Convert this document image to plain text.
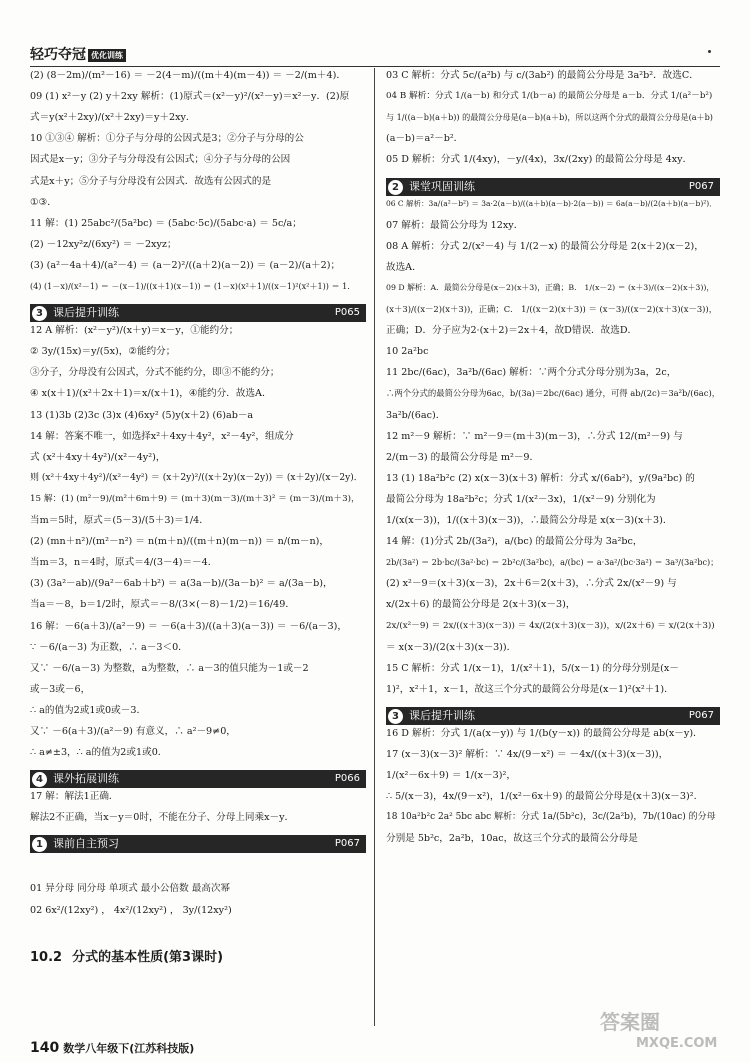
轻巧夺冠 优化训练
(2) (8－2m)/(m²－16) ＝ －2(4－m)/((m＋4)(m－4)) ＝ －2/(m＋4)．
09 (1) x²－y (2) y＋2xy 解析：(1)原式＝(x²－y)²/(x²－y)＝x²－y．(2)原
式＝y(x²＋2xy)/(x²＋2xy)＝y＋2xy．
10 ①③④ 解析：①分子与分母的公因式是3；②分子与分母的公
因式是x－y；③分子与分母没有公因式；④分子与分母的公因
式是x＋y；⑤分子与分母没有公因式．故选有公因式的是
①③．
11 解：(1) 25abc²/(5a²bc) ＝ (5abc·5c)/(5abc·a) ＝ 5c/a；
(2) －12xy²z/(6xy²) ＝ －2xyz；
(3) (a²－4a＋4)/(a²－4) ＝ (a－2)²/((a＋2)(a－2)) ＝ (a－2)/(a＋2)；
(4) (1－x)/(x²－1) ＝ －(x－1)/((x＋1)(x－1)) ＝ (1－x)(x²＋1)/((x－1)²(x²＋1)) ＝ 1．
3 课后提升训练	P065
12 A 解析：(x²－y²)/(x＋y)＝x－y，①能约分；
② 3y/(15x)＝y/(5x)，②能约分；
③分子，分母没有公因式，分式不能约分，即③不能约分；
④ x(x＋1)/(x²＋2x＋1)＝x/(x＋1)，④能约分．故选A．
13 (1)3b (2)3c (3)x (4)6xy² (5)y(x＋2) (6)ab－a
14 解：答案不唯一，如选择x²＋4xy＋4y²，x²－4y²，组成分
式 (x²＋4xy＋4y²)/(x²－4y²)，
则 (x²＋4xy＋4y²)/(x²－4y²) ＝ (x＋2y)²/((x＋2y)(x－2y)) ＝ (x＋2y)/(x－2y)．
15 解：(1) (m²－9)/(m²＋6m＋9) ＝ (m＋3)(m－3)/(m＋3)² ＝ (m－3)/(m＋3)，
当m＝5时，原式＝(5－3)/(5＋3)＝1/4．
(2) (mn＋n²)/(m²－n²) ＝ n(m＋n)/((m＋n)(m－n)) ＝ n/(m－n)，
当m＝3，n＝4时，原式＝4/(3－4)＝－4．
(3) (3a²－ab)/(9a²－6ab＋b²) ＝ a(3a－b)/(3a－b)² ＝ a/(3a－b)，
当a＝－8，b＝1/2时，原式＝－8/(3×(－8)－1/2)＝16/49．
16 解：－6(a＋3)/(a²－9) ＝ －6(a＋3)/((a＋3)(a－3)) ＝ －6/(a－3)，
∵ －6/(a－3) 为正数，∴ a－3＜0．
又∵ －6/(a－3) 为整数，a为整数，∴ a－3的值只能为－1或－2
或－3或－6，
∴ a的值为2或1或0或－3．
又∵ －6(a＋3)/(a²－9) 有意义，∴ a²－9≠0，
∴ a≠±3，∴ a的值为2或1或0．
4 课外拓展训练	P066
17 解：解法1正确．
解法2不正确，当x－y＝0时，不能在分子、分母上同乘x－y．
1 课前自主预习	P067
01 异分母 同分母 单项式 最小公倍数 最高次幂
02 6x²/(12xy²) ， 4x²/(12xy²) ， 3y/(12xy²)
03 C 解析：分式 5c/(a²b) 与 c/(3ab²) 的最简公分母是 3a²b²．故选C．
04 B 解析：分式 1/(a－b) 和分式 1/(b－a) 的最简公分母是 a－b．分式 1/(a²－b²)
与 1/((a－b)(a＋b)) 的最简公分母是(a－b)(a＋b)，所以这两个分式的最简公分母是(a＋b)
(a－b)＝a²－b²．
05 D 解析：分式 1/(4xy)，－y/(4x)，3x/(2xy) 的最简公分母是 4xy．
2 课堂巩固训练	P067
06 C 解析：3a/(a²－b²) ＝ 3a·2(a－b)/((a＋b)(a－b)·2(a－b)) ＝ 6a(a－b)/(2(a＋b)(a－b)²)．
07 解析：最简公分母为 12xy．
08 A 解析：分式 2/(x²－4) 与 1/(2－x) 的最简公分母是 2(x＋2)(x－2)，
故选A．
09 D 解析：A．最简公分母是(x－2)(x＋3)，正确；B． 1/(x－2) ＝ (x＋3)/((x－2)(x＋3))，
(x＋3)/((x－2)(x＋3))，正确；C． 1/((x－2)(x＋3)) ＝ (x－3)/((x－2)(x＋3)(x－3))，
正确；D．分子应为2·(x＋2)＝2x＋4，故D错误．故选D．
10 2a²bc
11 2bc/(6ac)，3a²b/(6ac) 解析：∵两个分式分母分别为3a，2c，
∴两个分式的最简公分母为6ac，b/(3a)＝2bc/(6ac) 通分，可得 ab/(2c)＝3a²b/(6ac)，
3a²b/(6ac)．
12 m²－9 解析：∵ m²－9＝(m＋3)(m－3)，∴分式 12/(m²－9) 与
2/(m－3) 的最简公分母是 m²－9．
13 (1) 18a²b²c (2) x(x－3)(x＋3) 解析：分式 x/(6ab²)，y/(9a²bc) 的
最简公分母为 18a²b²c；分式 1/(x²－3x)，1/(x²－9) 分别化为
1/(x(x－3))，1/((x＋3)(x－3))，∴最简公分母是 x(x－3)(x＋3)．
14 解：(1)分式 2b/(3a²)，a/(bc) 的最简公分母为 3a²bc，
2b/(3a²) ＝ 2b·bc/(3a²·bc) ＝ 2b²c/(3a²bc)，a/(bc) ＝ a·3a²/(bc·3a²) ＝ 3a³/(3a²bc)；
(2) x²－9＝(x＋3)(x－3)，2x＋6＝2(x＋3)，∴分式 2x/(x²－9) 与
x/(2x＋6) 的最简公分母是 2(x＋3)(x－3)，
2x/(x²－9) ＝ 2x/((x＋3)(x－3)) ＝ 4x/(2(x＋3)(x－3))，x/(2x＋6) ＝ x/(2(x＋3))
＝ x(x－3)/(2(x＋3)(x－3))．
15 C 解析：分式 1/(x－1)，1/(x²＋1)，5/(x－1) 的分母分别是(x－
1)²，x²＋1，x－1，故这三个分式的最简公分母是(x－1)²(x²＋1)．
3 课后提升训练	P067
16 D 解析：分式 1/(a(x－y)) 与 1/(b(y－x)) 的最简公分母是 ab(x－y)．
17 (x－3)(x－3)² 解析：∵ 4x/(9－x²) ＝ －4x/((x＋3)(x－3))，
1/(x²－6x＋9) ＝ 1/(x－3)²，
∴ 5/(x－3)，4x/(9－x²)，1/(x²－6x＋9) 的最简公分母是(x＋3)(x－3)².
18 10a²b²c 2a² 5bc abc 解析：分式 1a/(5b²c)，3c/(2a²b)，7b/(10ac) 的分母
分别是 5b²c，2a²b，10ac，故这三个分式的最简公分母是
10.2 分式的基本性质(第3课时)
140 数学八年级下(江苏科技版)
答案圈
MXQE.COM
